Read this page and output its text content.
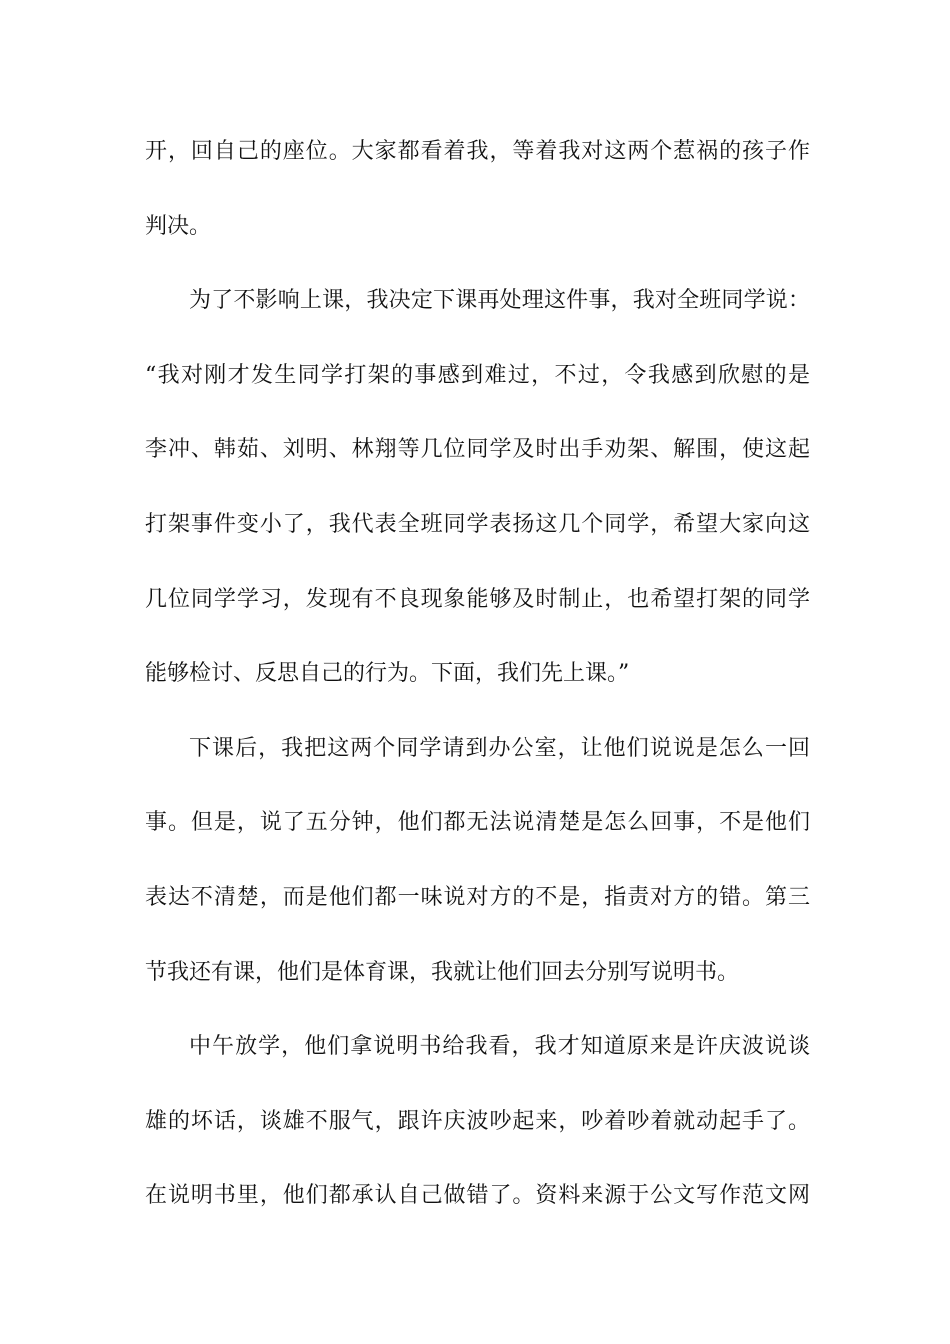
开，回自己的座位。大家都看着我，等着我对这两个惹祸的孩子作
判决。
为了不影响上课，我决定下课再处理这件事，我对全班同学说：
“我对刚才发生同学打架的事感到难过，不过，令我感到欣慰的是
李冲、韩茹、刘明、林翔等几位同学及时出手劝架、解围，使这起
打架事件变小了，我代表全班同学表扬这几个同学，希望大家向这
几位同学学习，发现有不良现象能够及时制止，也希望打架的同学
能够检讨、反思自己的行为。下面，我们先上课。”
下课后，我把这两个同学请到办公室，让他们说说是怎么一回
事。但是，说了五分钟，他们都无法说清楚是怎么回事，不是他们
表达不清楚，而是他们都一味说对方的不是，指责对方的错。第三
节我还有课，他们是体育课，我就让他们回去分别写说明书。
中午放学，他们拿说明书给我看，我才知道原来是许庆波说谈
雄的坏话，谈雄不服气，跟许庆波吵起来，吵着吵着就动起手了。
在说明书里，他们都承认自己做错了。资料来源于公文写作范文网
